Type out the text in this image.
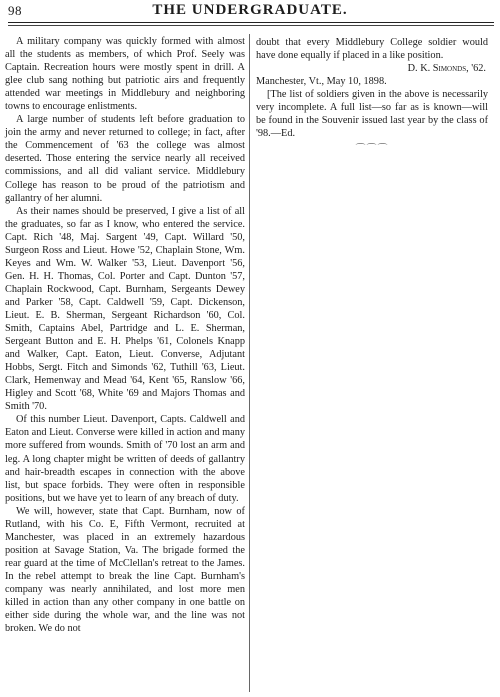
98	THE UNDERGRADUATE.

A military company was quickly formed with almost all the students as members, of which Prof. Seely was Captain. Recreation hours were mostly spent in drill. A glee club sang nothing but patriotic airs and frequently attended war meetings in Middlebury and neighboring towns to encourage enlistments.

A large number of students left before graduation to join the army and never returned to college; in fact, after the Commencement of '63 the college was almost deserted. Those entering the service nearly all received commissions, and all did valiant service. Middlebury College has reason to be proud of the patriotism and gallantry of her alumni.

As their names should be preserved, I give a list of all the graduates, so far as I know, who entered the service. Capt. Rich '48, Maj. Sargent '49, Capt. Willard '50, Surgeon Ross and Lieut. Howe '52, Chaplain Stone, Wm. Keyes and Wm. W. Walker '53, Lieut. Davenport '56, Gen. H. H. Thomas, Col. Porter and Capt. Dunton '57, Chaplain Rockwood, Capt. Burnham, Sergeants Dewey and Parker '58, Capt. Caldwell '59, Capt. Dickenson, Lieut. E. B. Sherman, Sergeant Richardson '60, Col. Smith, Captains Abel, Partridge and L. E. Sherman, Sergeant Button and E. H. Phelps '61, Colonels Knapp and Walker, Capt. Eaton, Lieut. Converse, Adjutant Hobbs, Sergt. Fitch and Simonds '62, Tuthill '63, Lieut. Clark, Hemenway and Mead '64, Kent '65, Ranslow '66, Higley and Scott '68, White '69 and Majors Thomas and Smith '70.

Of this number Lieut. Davenport, Capts. Caldwell and Eaton and Lieut. Converse were killed in action and many more suffered from wounds. Smith of '70 lost an arm and leg. A long chapter might be written of deeds of gallantry and hair-breadth escapes in connection with the above list, but space forbids. They were often in responsible positions, but we have yet to learn of any breach of duty.

We will, however, state that Capt. Burnham, now of Rutland, with his Co. E, Fifth Vermont, recruited at Manchester, was placed in an extremely hazardous position at Savage Station, Va. The brigade formed the rear guard at the time of McClellan's retreat to the James. In the rebel attempt to break the line Capt. Burnham's company was nearly annihilated, and lost more men killed in action than any other company in one battle on either side during the whole war, and the line was not broken. We do not

doubt that every Middlebury College soldier would have done equally if placed in a like position.

D. K. Simonds, '62.

Manchester, Vt., May 10, 1898.

[The list of soldiers given in the above is necessarily very incomplete. A full list—so far as is known—will be found in the Souvenir issued last year by the class of '98.—Ed.

⌒⌒⌒
